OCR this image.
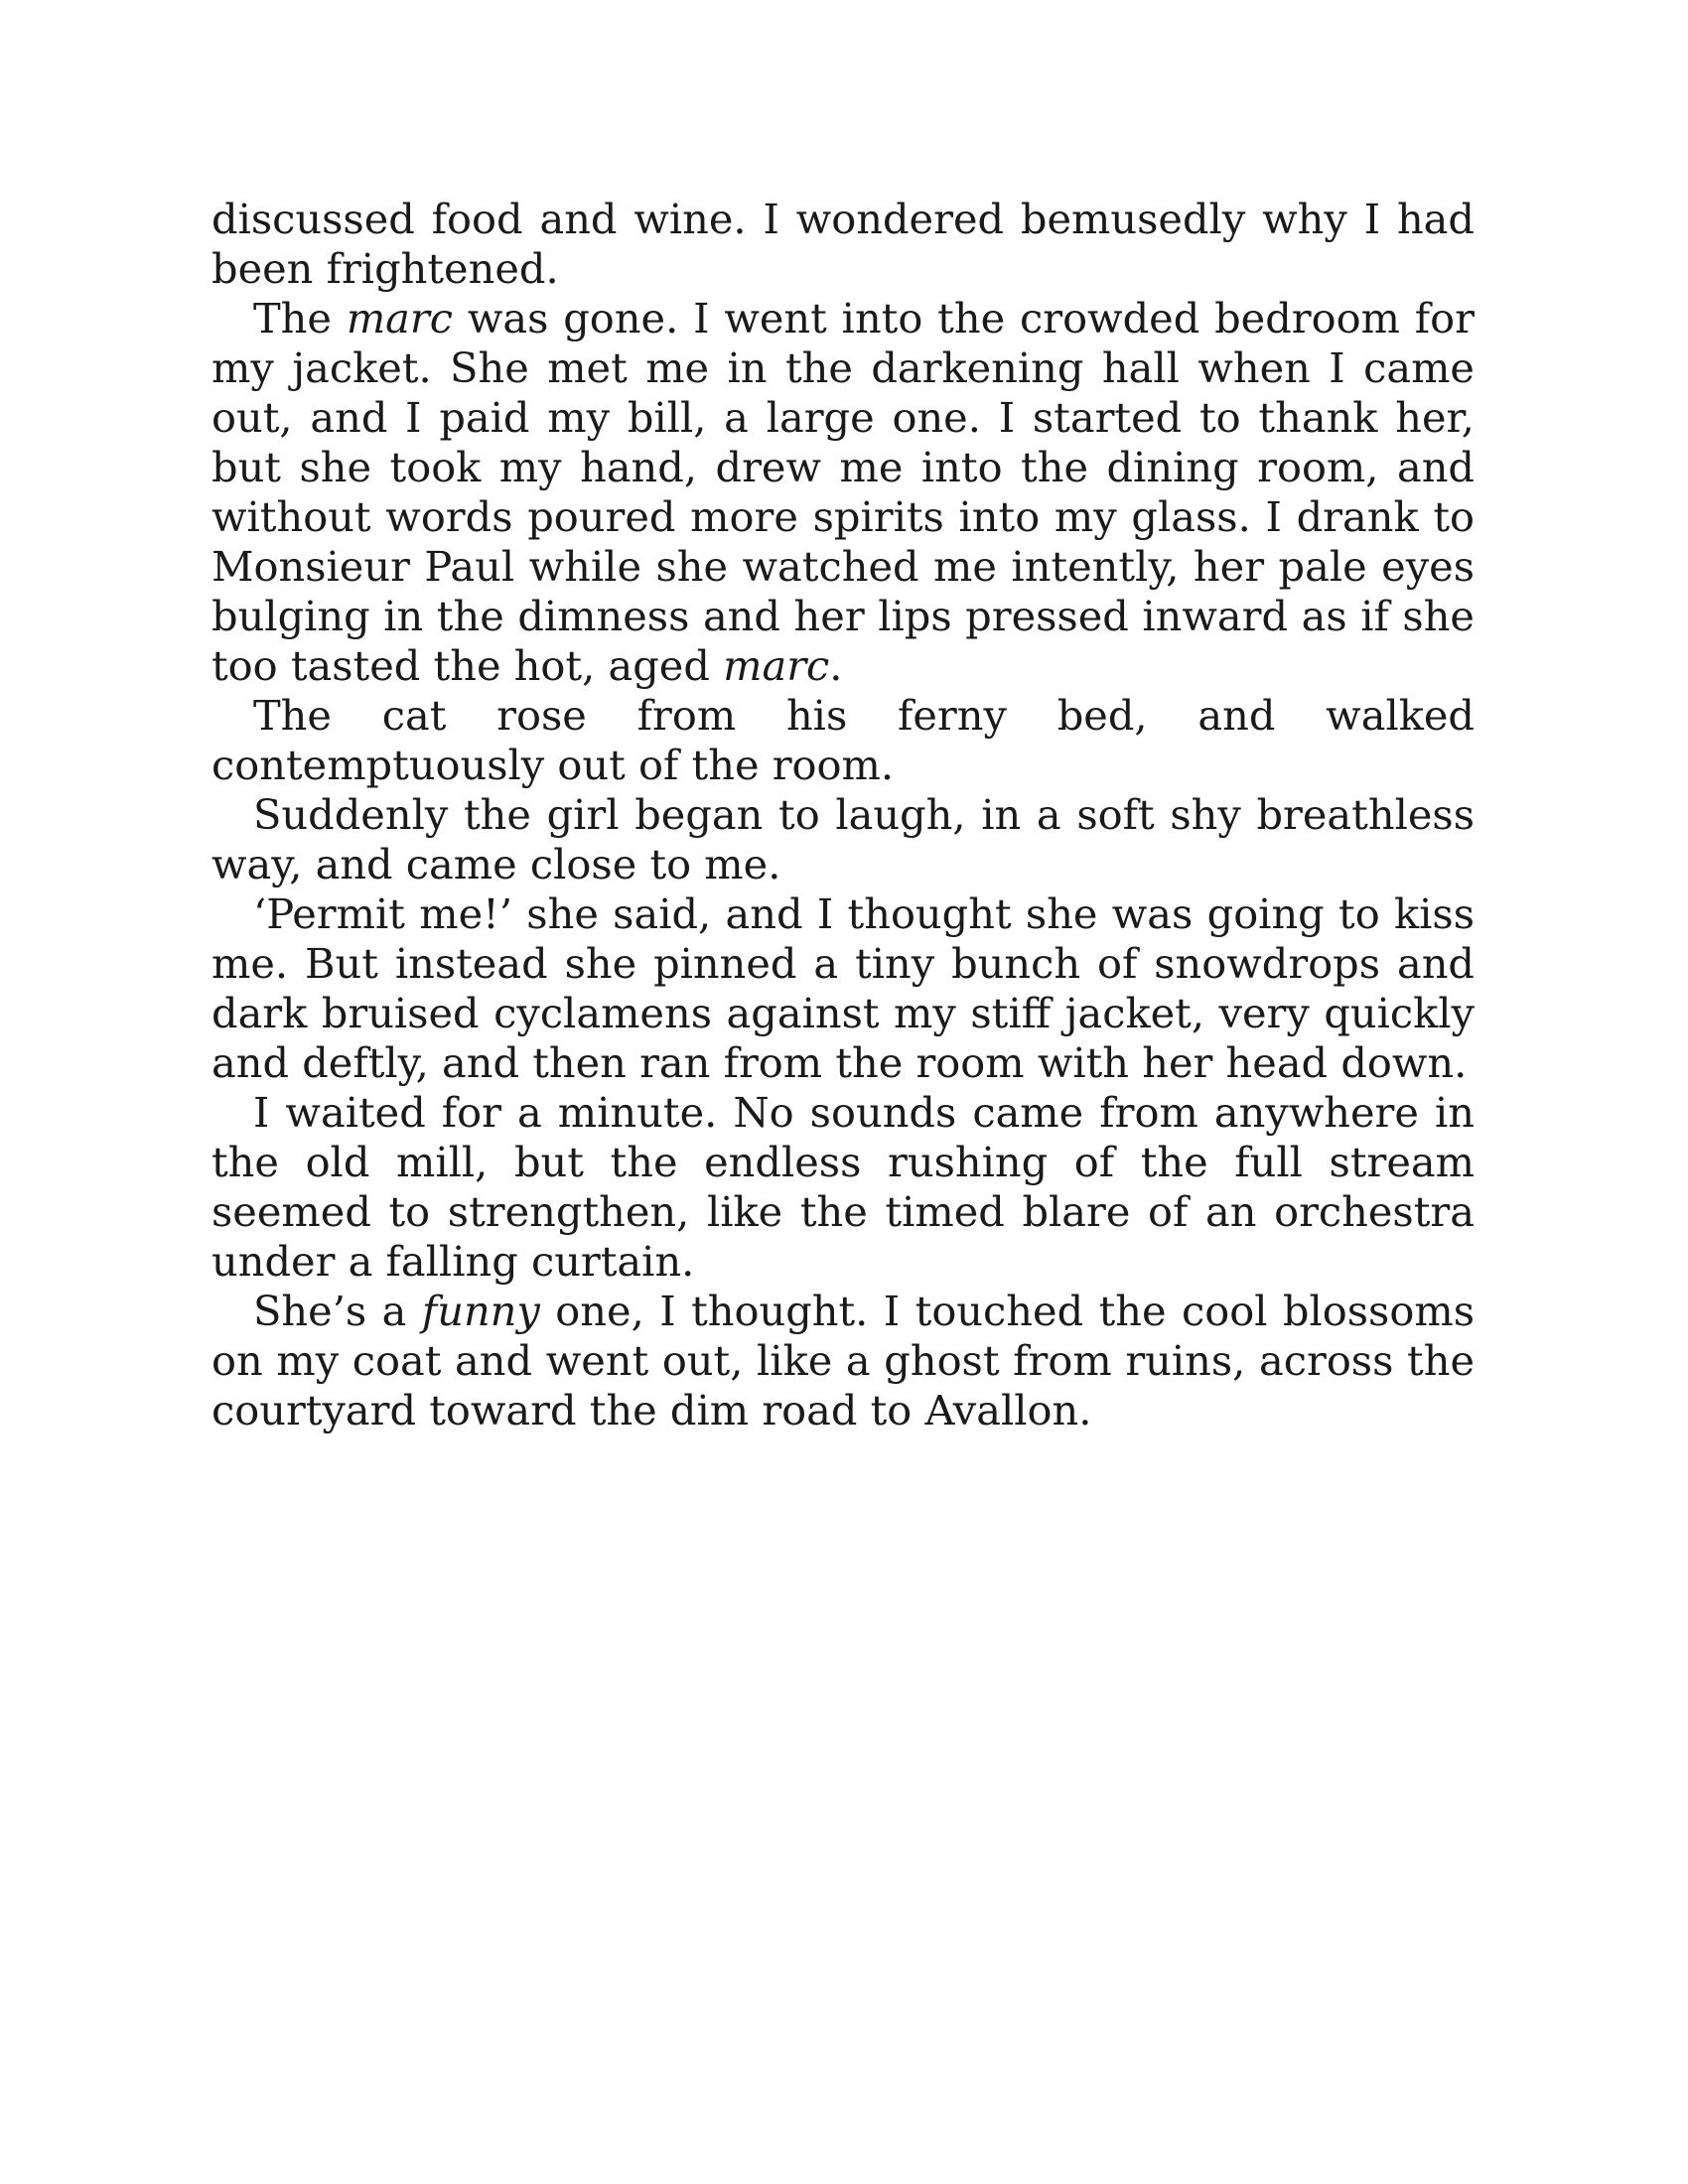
discussed food and wine. I wondered bemusedly why I had been frightened.

The marc was gone. I went into the crowded bedroom for my jacket. She met me in the darkening hall when I came out, and I paid my bill, a large one. I started to thank her, but she took my hand, drew me into the dining room, and without words poured more spirits into my glass. I drank to Monsieur Paul while she watched me intently, her pale eyes bulging in the dimness and her lips pressed inward as if she too tasted the hot, aged marc.

The cat rose from his ferny bed, and walked contemptuously out of the room.

Suddenly the girl began to laugh, in a soft shy breathless way, and came close to me.

‘Permit me!’ she said, and I thought she was going to kiss me. But instead she pinned a tiny bunch of snowdrops and dark bruised cyclamens against my stiff jacket, very quickly and deftly, and then ran from the room with her head down.

I waited for a minute. No sounds came from anywhere in the old mill, but the endless rushing of the full stream seemed to strengthen, like the timed blare of an orchestra under a falling curtain.

She’s a funny one, I thought. I touched the cool blossoms on my coat and went out, like a ghost from ruins, across the courtyard toward the dim road to Avallon.
